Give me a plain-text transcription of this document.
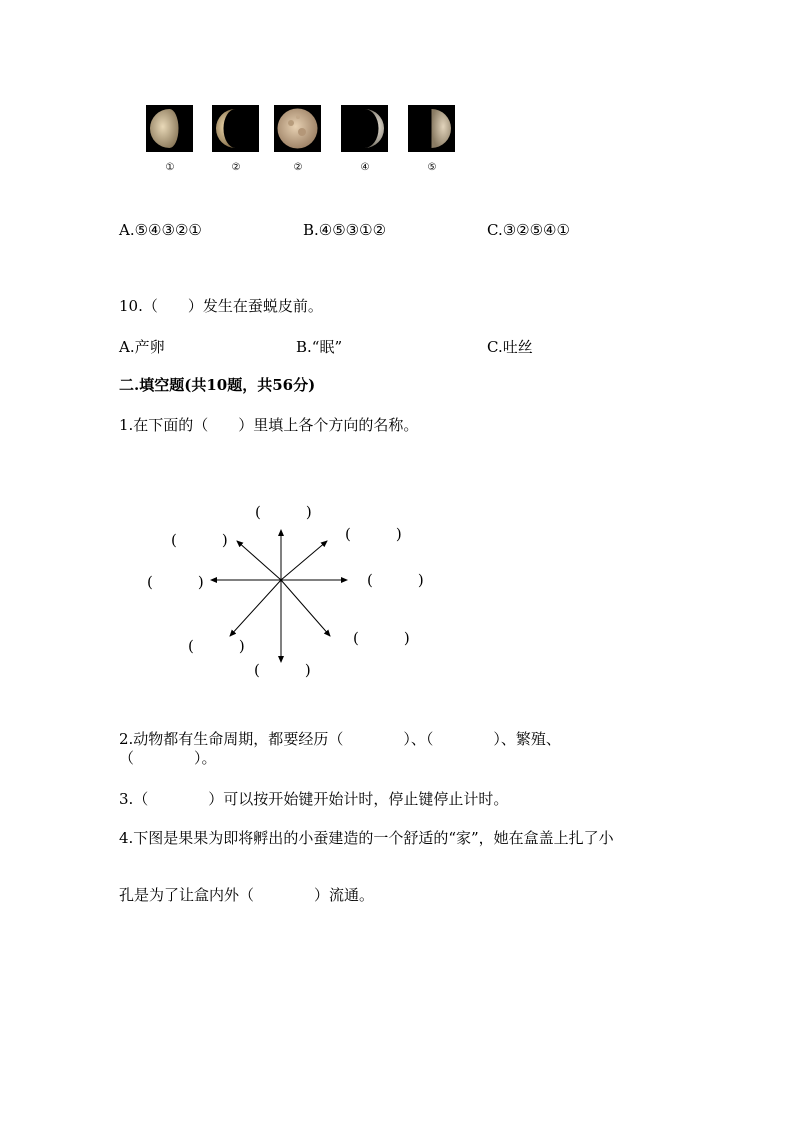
①	②	②	④	⑤
A.⑤④③②①	B.④⑤③①②	C.③②⑤④①
10.（　　）发生在蚕蜕皮前。
A.产卵	B.“眠”	C.吐丝
二.填空题(共10题，共56分)
1.在下面的（　　）里填上各个方向的名称。
(　　　)
(　　　)
(　　　)
(　　　)	(　　　)
(　　　)
(　　　)
(　　　)
2.动物都有生命周期，都要经历（　　　　）、（　　　　）、繁殖、
（　　　　）。
3.（　　　　）可以按开始键开始计时，停止键停止计时。
4.下图是果果为即将孵出的小蚕建造的一个舒适的“家”，她在盒盖上扎了小
孔是为了让盒内外（　　　　）流通。
